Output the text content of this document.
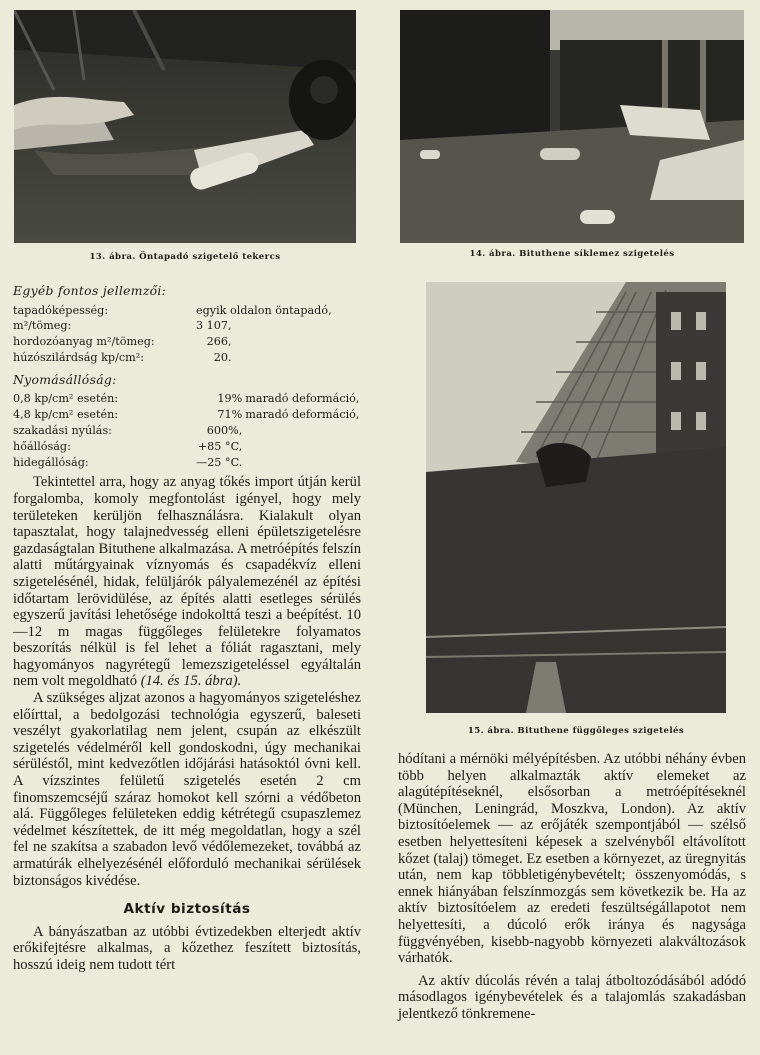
13. ábra. Öntapadó szigetelő tekercs	14. ábra. Bituthene síklemez szigetelés
15. ábra. Bituthene függőleges szigetelés
Egyéb fontos jellemzői:
tapadóképesség:	egyik oldalon öntapadó,	
m²/tömeg:	3 107,	
hordozóanyag m²/tömeg:	266,	
húzószilárdság kp/cm²:	20.	
Nyomásállóság:
0,8 kp/cm² esetén:	19%	maradó deformáció,
4,8 kp/cm² esetén:	71%	maradó deformáció,
szakadási nyúlás:	600%,	
hőállóság:	+85 °C,	
hidegállóság:	—25 °C.	

Tekintettel arra, hogy az anyag tőkés import útján kerül forgalomba, komoly megfontolást igényel, hogy mely területeken kerüljön felhasználásra. Kialakult olyan tapasztalat, hogy talajnedvesség elleni épületszigetelésre gazdaságtalan Bituthene alkalmazása. A metróépítés felszín alatti műtárgyainak víznyomás és csapadékvíz elleni szigetelésénél, hidak, felüljárók pályalemezénél az építési időtartam lerövidülése, az építés alatti esetleges sérülés egyszerű javítási lehetősége indokolttá teszi a beépítést. 10—12 m magas függőleges felületekre folyamatos beszorítás nélkül is fel lehet a fóliát ragasztani, mely hagyományos nagyrétegű lemezszigeteléssel egyáltalán nem volt megoldható (14. és 15. ábra).

A szükséges aljzat azonos a hagyományos szigeteléshez előírttal, a bedolgozási technológia egyszerű, baleseti veszélyt gyakorlatilag nem jelent, csupán az elkészült szigetelés védelméről kell gondoskodni, úgy mechanikai sérüléstől, mint kedvezőtlen időjárási hatásoktól óvni kell. A vízszintes felületű szigetelés esetén 2 cm finomszemcséjű száraz homokot kell szórni a védőbeton alá. Függőleges felületeken eddig kétrétegű csupaszlemez védelmet készítettek, de itt még megoldatlan, hogy a szél fel ne szakítsa a szabadon levő védőlemezeket, továbbá az armatúrák elhelyezésénél előforduló mechanikai sérülések biztonságos kivédése.

Aktív biztosítás

A bányászatban az utóbbi évtizedekben elterjedt aktív erőkifejtésre alkalmas, a kőzethez feszített biztosítás, hosszú ideig nem tudott tért

hódítani a mérnöki mélyépítésben. Az utóbbi néhány évben több helyen alkalmazták aktív elemeket az alagútépítéseknél, elsősorban a metróépítéseknél (München, Leningrád, Moszkva, London). Az aktív biztosítóelemek — az erőjáték szempontjából — szélső esetben helyettesíteni képesek a szelvényből eltávolított kőzet (talaj) tömeget. Ez esetben a környezet, az üregnyitás után, nem kap többletigénybevételt; összenyomódás, s ennek hiányában felszínmozgás sem következik be. Ha az aktív biztosítóelem az eredeti feszültségállapotot nem helyettesíti, a dúcoló erők iránya és nagysága függvényében, kisebb-nagyobb környezeti alakváltozások várhatók.

Az aktív dúcolás révén a talaj átboltozódásából adódó másodlagos igénybevételek és a talajomlás szakadásban jelentkező tönkremene-
